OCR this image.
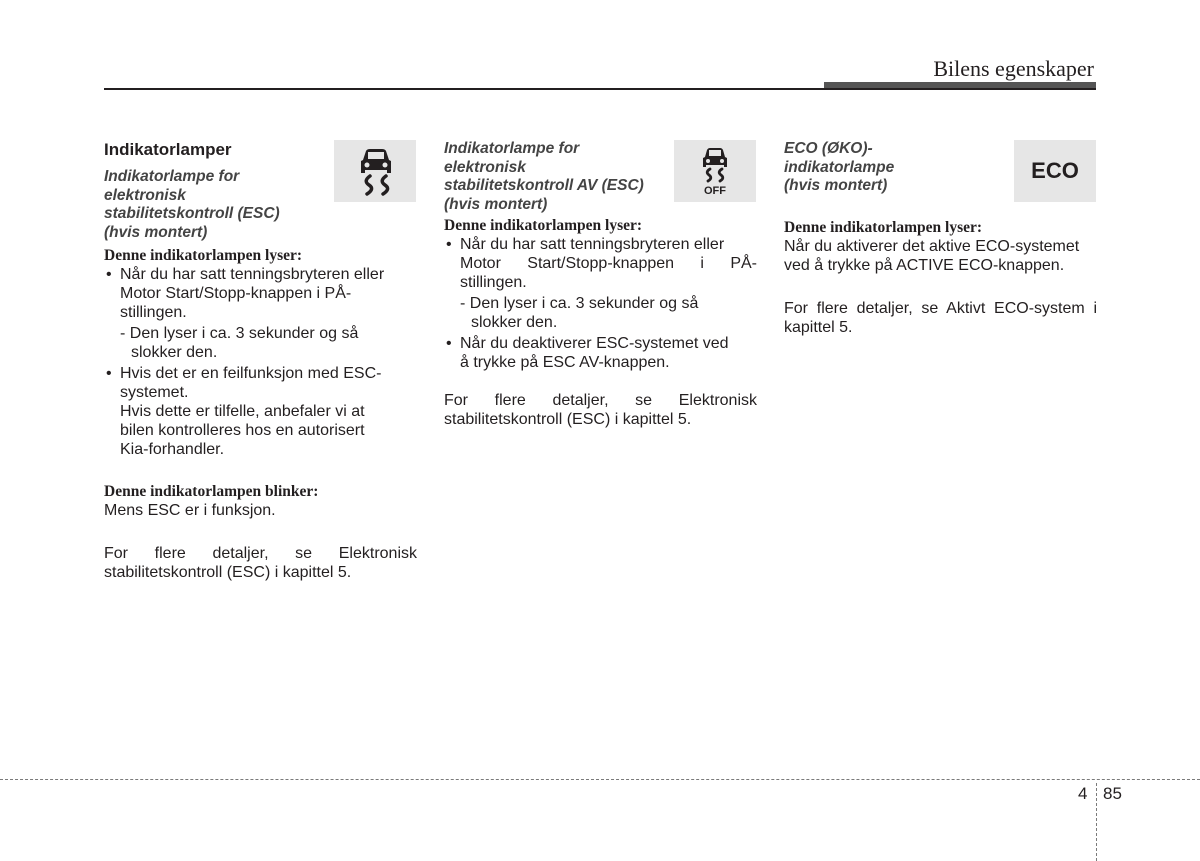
Bilens egenskaper
OFF
ECO
Indikatorlamper
Indikatorlampe for
elektronisk
stabilitetskontroll (ESC)
(hvis montert)
Denne indikatorlampen lyser:
• Når du har satt tenningsbryteren eller
Motor Start/Stopp-knappen i PÅ-
stillingen.
- Den lyser i ca. 3 sekunder og så
slokker den.
• Hvis det er en feilfunksjon med ESC-
systemet.
Hvis dette er tilfelle, anbefaler vi at
bilen kontrolleres hos en autorisert
Kia-forhandler.
Denne indikatorlampen blinker:
Mens ESC er i funksjon.
For flere detaljer, se Elektronisk
stabilitetskontroll (ESC) i kapittel 5.
Indikatorlampe for
elektronisk
stabilitetskontroll AV (ESC)
(hvis montert)
Denne indikatorlampen lyser:
• Når du har satt tenningsbryteren eller
Motor Start/Stopp-knappen i PÅ-
stillingen.
- Den lyser i ca. 3 sekunder og så
slokker den.
• Når du deaktiverer ESC-systemet ved
å trykke på ESC AV-knappen.
For flere detaljer, se Elektronisk
stabilitetskontroll (ESC) i kapittel 5.
ECO (ØKO)-
indikatorlampe
(hvis montert)
Denne indikatorlampen lyser:
Når du aktiverer det aktive ECO-systemet
ved å trykke på ACTIVE ECO-knappen.
For flere detaljer, se Aktivt ECO-system i
kapittel 5.
4 85
